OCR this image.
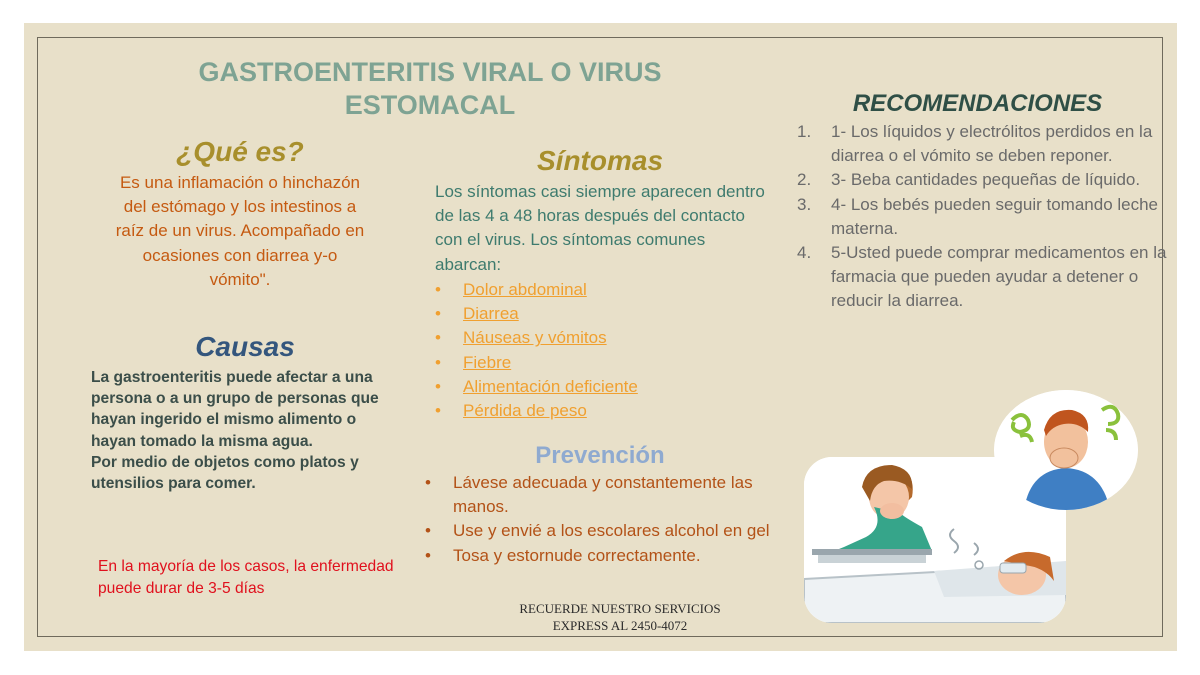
GASTROENTERITIS VIRAL O VIRUS ESTOMACAL
¿Qué es?
Es una inflamación o hinchazón del estómago y los intestinos a raíz de un virus. Acompañado en ocasiones con diarrea y-o vómito".
Causas
La gastroenteritis puede afectar a una persona o a un grupo de personas que hayan ingerido el mismo alimento o hayan tomado la misma agua.
Por medio de objetos como platos y utensilios para comer.
En la mayoría de los casos, la enfermedad puede durar de 3-5 días
Síntomas
Los síntomas casi siempre aparecen dentro de las 4 a 48 horas después del contacto con el virus. Los síntomas comunes abarcan:
• Dolor abdominal
• Diarrea
• Náuseas y vómitos
• Fiebre
• Alimentación deficiente
• Pérdida de peso
Prevención
• Lávese adecuada y constantemente las manos.
• Use y envié a los escolares alcohol en gel
• Tosa y estornude correctamente.
RECUERDE NUESTRO SERVICIOS
EXPRESS AL 2450-4072
RECOMENDACIONES
1. 1- Los líquidos y electrólitos perdidos en la diarrea o el vómito se deben reponer.
2. 3- Beba cantidades pequeñas de líquido.
3. 4- Los bebés pueden seguir tomando leche materna.
4. 5-Usted puede comprar medicamentos en la farmacia que pueden ayudar a detener o reducir la diarrea.
